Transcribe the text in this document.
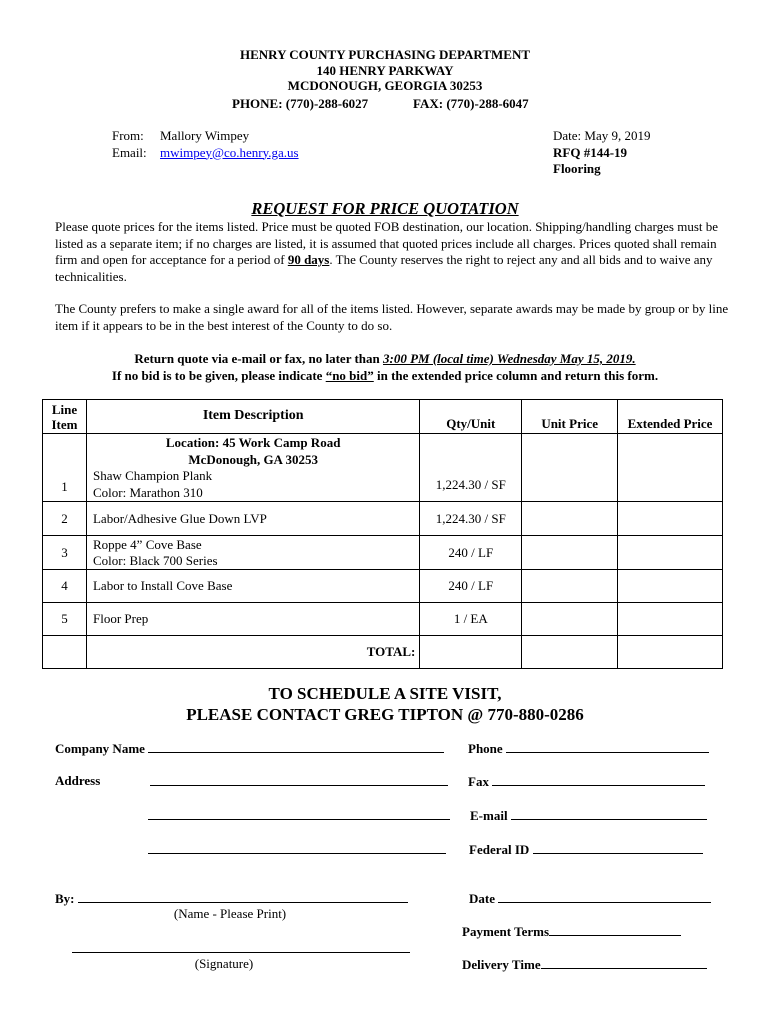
HENRY COUNTY PURCHASING DEPARTMENT
140 HENRY PARKWAY
MCDONOUGH, GEORGIA 30253
PHONE: (770)-288-6027	FAX: (770)-288-6047
From: Mallory Wimpey
Email: mwimpey@co.henry.ga.us
Date: May 9, 2019
RFQ #144-19
Flooring
REQUEST FOR PRICE QUOTATION
Please quote prices for the items listed. Price must be quoted FOB destination, our location. Shipping/handling charges must be listed as a separate item; if no charges are listed, it is assumed that quoted prices include all charges. Prices quoted shall remain firm and open for acceptance for a period of 90 days. The County reserves the right to reject any and all bids and to waive any technicalities.
The County prefers to make a single award for all of the items listed. However, separate awards may be made by group or by line item if it appears to be in the best interest of the County to do so.
Return quote via e-mail or fax, no later than 3:00 PM (local time) Wednesday May 15, 2019.
If no bid is to be given, please indicate “no bid” in the extended price column and return this form.
Line
Item	Item Description	Qty/Unit	Unit Price	Extended Price
1	Location: 45 Work Camp Road
McDonough, GA 30253
Shaw Champion Plank
Color: Marathon 310	1,224.30 / SF		
2	Labor/Adhesive Glue Down LVP	1,224.30 / SF		
3	Roppe 4” Cove Base
Color: Black 700 Series	240 / LF		
4	Labor to Install Cove Base	240 / LF		
5	Floor Prep	1 / EA		
	TOTAL:			
TO SCHEDULE A SITE VISIT,
PLEASE CONTACT GREG TIPTON @ 770-880-0286
Company Name	Phone
Address	Fax
E-mail
Federal ID
By:	Date
(Name - Please Print)
Payment Terms
(Signature)	Delivery Time
